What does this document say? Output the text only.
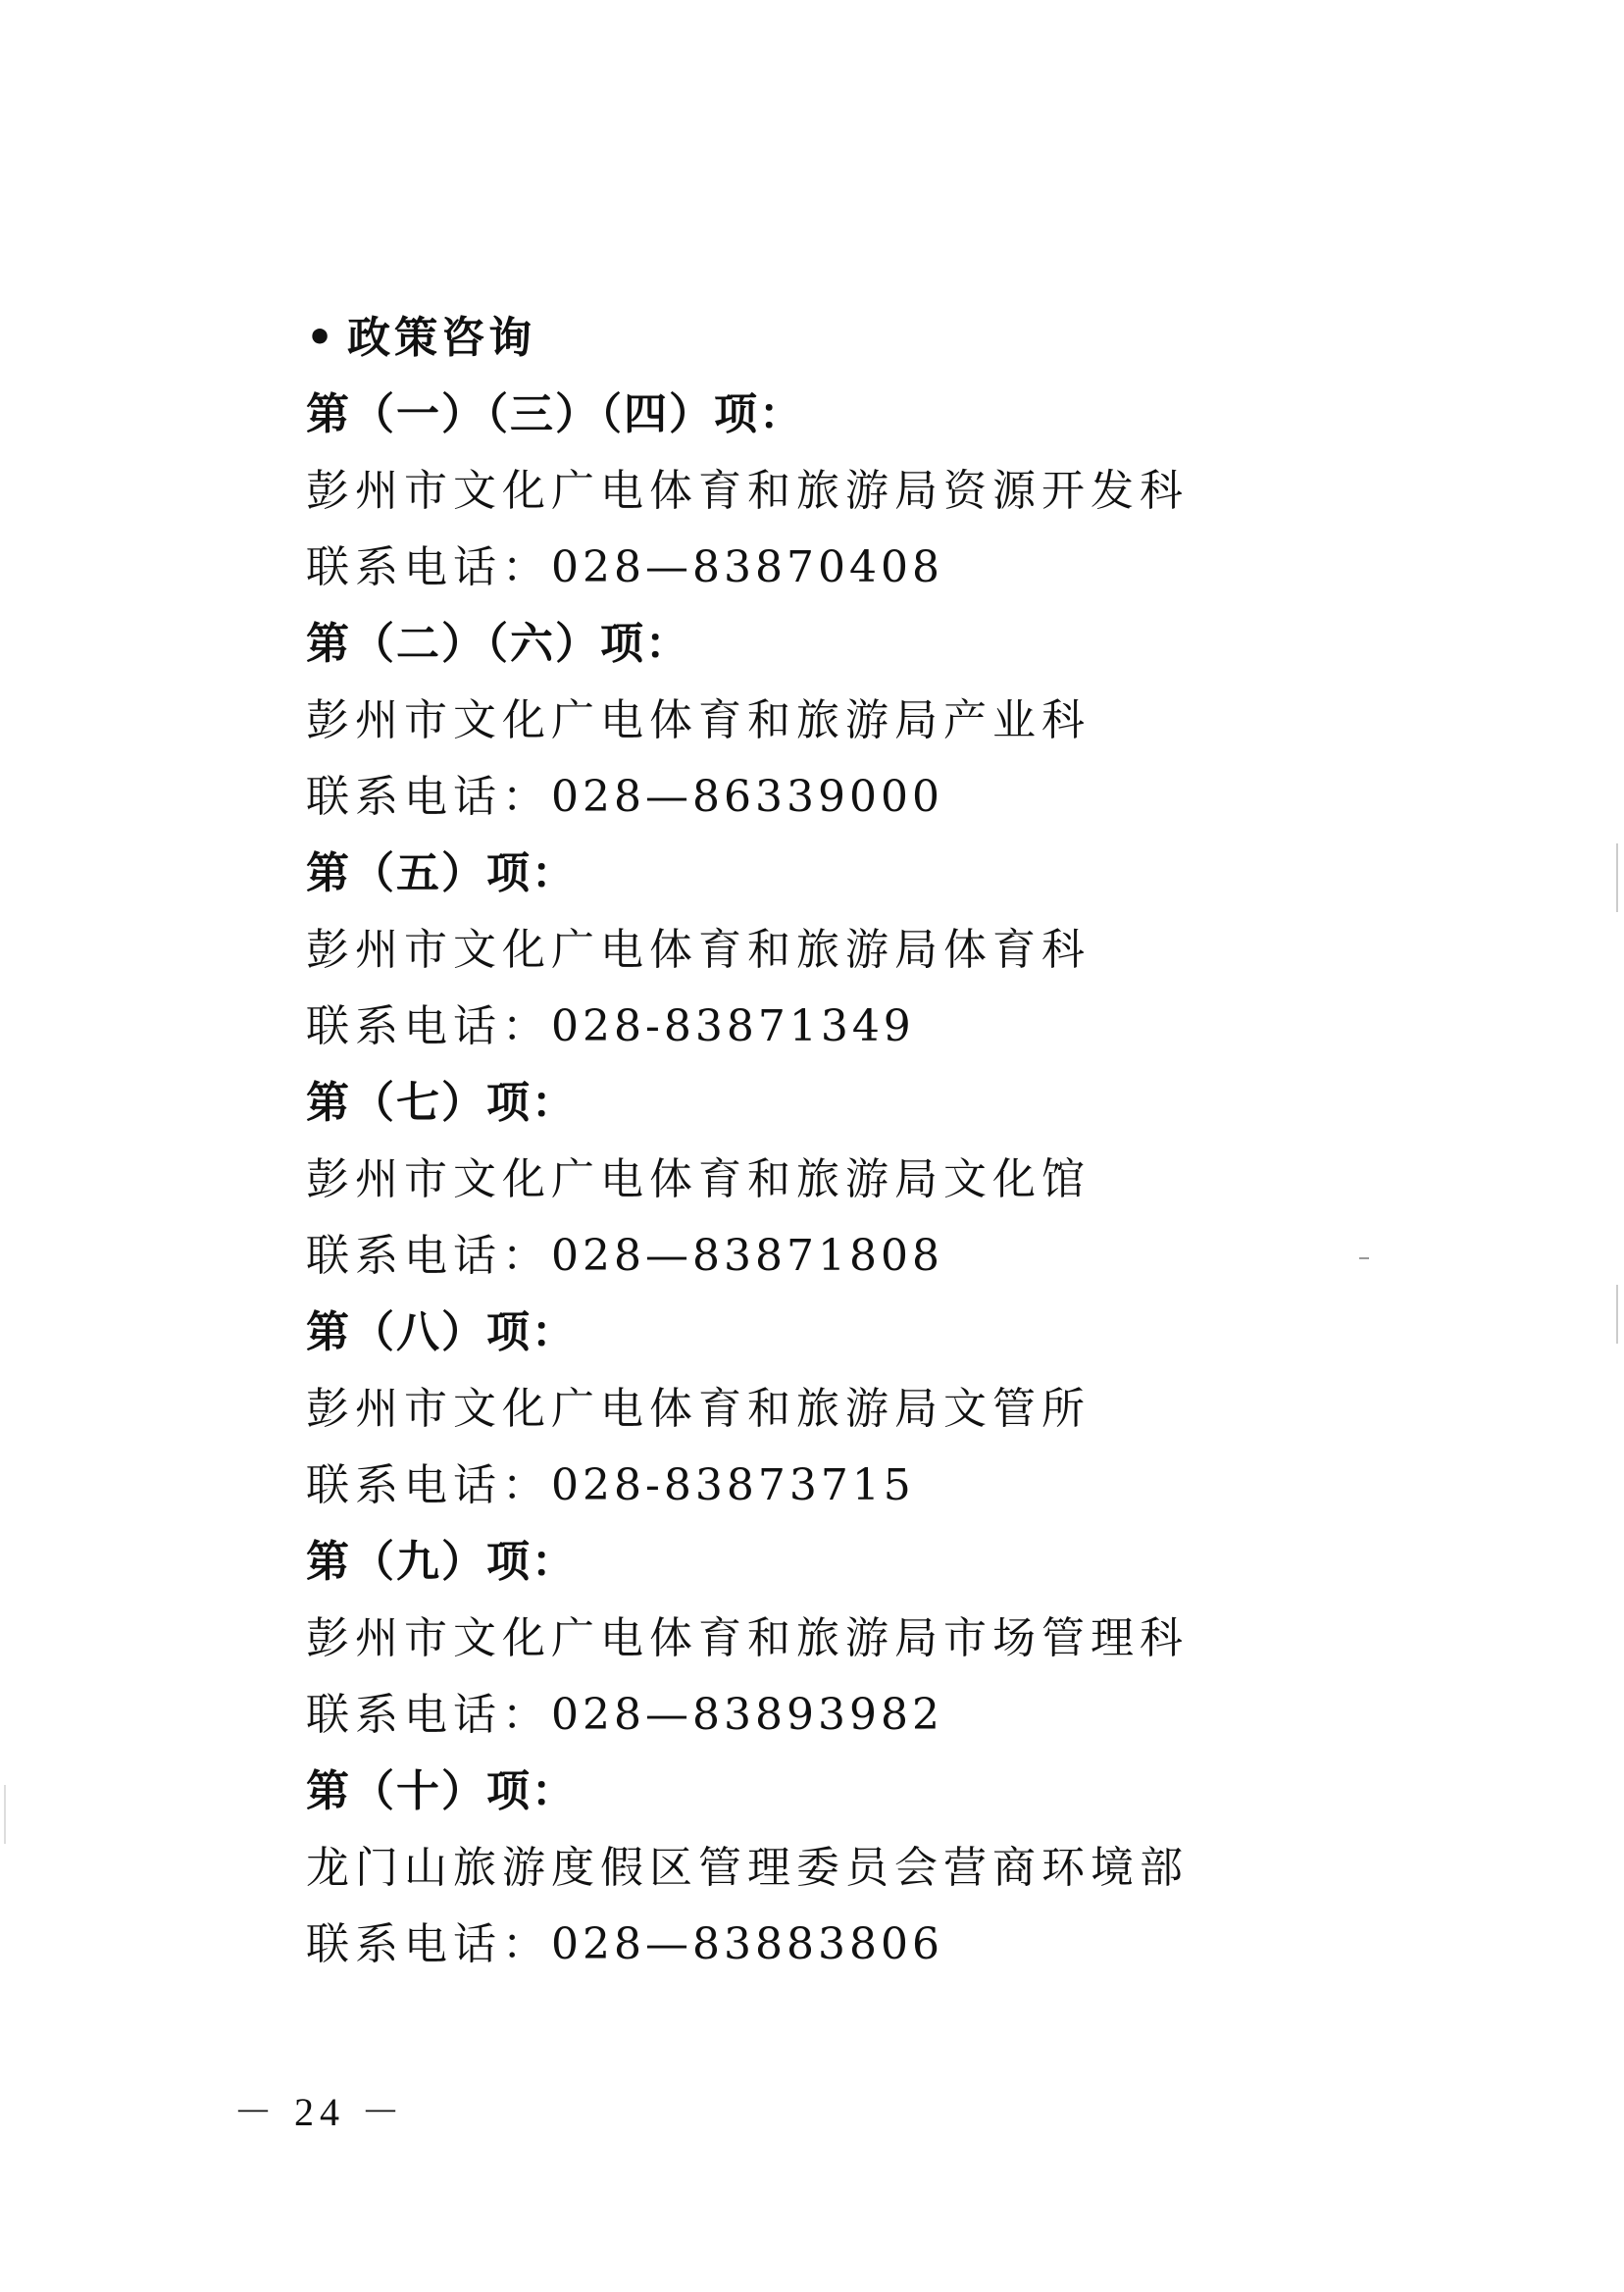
• 政策咨询
第（一）（三）（四）项：
彭州市文化广电体育和旅游局资源开发科
联系电话：028—83870408
第（二）（六）项：
彭州市文化广电体育和旅游局产业科
联系电话：028—86339000
第（五）项：
彭州市文化广电体育和旅游局体育科
联系电话：028-83871349
第（七）项：
彭州市文化广电体育和旅游局文化馆
联系电话：028—83871808
第（八）项：
彭州市文化广电体育和旅游局文管所
联系电话：028-83873715
第（九）项：
彭州市文化广电体育和旅游局市场管理科
联系电话：028—83893982
第（十）项：
龙门山旅游度假区管理委员会营商环境部
联系电话：028—83883806
－ 24 －
